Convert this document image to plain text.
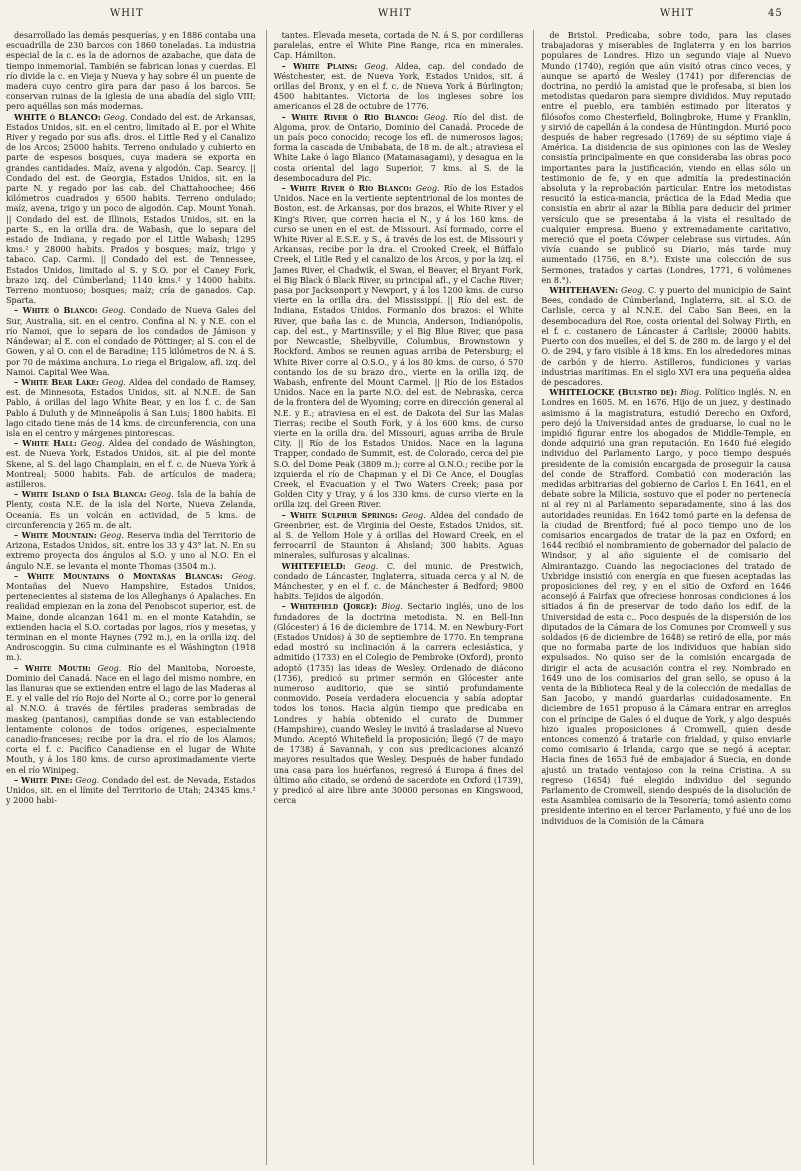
WHIT	WHIT	WHIT	45

desarrollado las demás pesquerías, y en 1886 contaba una escuadrilla de 230 barcos con 1860 toneladas. La industria especial de la c. es la de adornos de azabache, que data de tiempo inmemorial. También se fabrican lonas y cuerdas. El río divide la c. en Vieja y Nueva y hay sobre él un puente de madera cuyo centro gira para dar paso á los barcos. Se conservan ruinas de la iglesia de una abadía del siglo VIII; pero aquéllas son más modernas.

WHITE ó BLANCO: Geog. Condado del est. de Arkansas, Estados Unidos, sit. en el centro, limitado al E. por el White River y regado por sus afls. dros. el Little Red y el Canalizo de los Arcos; 25000 habits. Terreno ondulado y cubierto en parte de espesos bosques, cuya madera se exporta en grandes cantidades. Maíz, avena y algodón. Cap. Searcy. || Condado del est. de Georgia, Estados Unidos, sit. en la parte N. y regado por las cab. del Chattahoochee; 466 kilómetros cuadrados y 6500 habits. Terreno ondulado; maíz, avena, trigo y un poco de algodón. Cap. Mount Yonah. || Condado del est. de Illinois, Estados Unidos, sit. en la parte S., en la orilla dra. de Wabash, que lo separa del estado de Indiana, y regado por el Little Wabash; 1295 kms.² y 28000 habits. Prados y bosques; maíz, trigo y tabaco. Cap. Carmi. || Condado del est. de Tennessee, Estados Unidos, limitado al S. y S.O. por el Caney Fork, brazo izq. del Cúmberland; 1140 kms.² y 14000 habits. Terreno montuoso; bosques; maíz; cría de ganados. Cap. Sparta.

– White ó Blanco: Geog. Condado de Nueva Gales del Sur, Australia, sit. en el centro. Confina al N. y N.E. con el río Namoi, que lo separa de los condados de Jámison y Nándewar; al E. con el condado de Pöttinger; al S. con el de Gowen, y al O. con el de Baradine; 115 kilómetros de N. á S. por 70 de máxima anchura. Lo riega el Brigalow, afl. izq. del Namoi. Capital Wee Waa.

– White Bear Lake: Geog. Aldea del condado de Ramsey, est. de Minnesota, Estados Unidos, sit. al N.N.E. de San Pablo, á orillas del lago White Bear, y en los f. c. de San Pablo á Duluth y de Minneápolis á San Luis; 1800 habits. El lago citado tiene más de 14 kms. de circunferencia, con una isla en el centro y márgenes pintorescas.

– White Hall: Geog. Aldea del condado de Wáshington, est. de Nueva York, Estados Unidos, sit. al pie del monte Skene, al S. del lago Champlain, en el f. c. de Nueva York á Montreal; 5000 habits. Fab. de artículos de madera; astilleros.

– White Island ó Isla Blanca: Geog. Isla de la bahía de Plenty, costa N.E. de la isla del Norte, Nueva Zelanda, Oceanía. Es un volcán en actividad, de 5 kms. de circunferencia y 265 m. de alt.

– White Mountain: Geog. Reserva india del Territorio de Arizona, Estados Unidos, sit. entre los 33 y 43° lat. N. En su extremo proyecta dos ángulos al S.O. y uno al N.O. En el ángulo N.E. se levanta el monte Thomas (3504 m.).

– White Mountains ó Montañas Blancas: Geog. Montañas del Nuevo Hampshire, Estados Unidos, pertenecientes al sistema de los Alleghanys ó Apalaches. En realidad empiezan en la zona del Penobscot superior, est. de Maine, donde alcanzan 1641 m. en el monte Katahdin, se extienden hacia el S.O. cortadas por lagos, ríos y mesetas, y terminan en el monte Haynes (792 m.), en la orilla izq. del Androscoggin. Su cima culminante es el Wáshington (1918 m.).

– White Mouth: Geog. Río del Manitoba, Noroeste, Dominio del Canadá. Nace en el lago del mismo nombre, en las llanuras que se extienden entre el lago de las Maderas al E. y el valle del río Rojo del Norte al O.; corre por lo general al N.N.O. á través de fértiles praderas sembradas de maskeg (pantanos), campiñas donde se van estableciendo lentamente colonos de todos orígenes, especialmente canadio-franceses; recibe por la dra. el río de los Álamos; corta el f. c. Pacífico Canadiense en el lugar de White Mouth, y á los 180 kms. de curso aproximadamente vierte en el río Winipeg.

– White Pine: Geog. Condado del est. de Nevada, Estados Unidos, sit. en el límite del Territorio de Utah; 24345 kms.² y 2000 habi-

tantes. Elevada meseta, cortada de N. á S. por cordilleras paralelas, entre el White Pine Range, rica en minerales. Cap. Hámilton.

– White Plains: Geog. Aldea, cap. del condado de Wéstchester, est. de Nueva York, Estados Unidos, sit. á orillas del Bronx, y en el f. c. de Nueva York á Búrlington; 4500 habitantes. Victoria de los ingleses sobre los americanos el 28 de octubre de 1776.

– White River ó Río Blanco: Geog. Río del dist. de Algoma, prov. de Ontario, Dominio del Canadá. Procede de un país poco conocido; recoge los efl. de numerosos lagos; forma la cascada de Umbabata, de 18 m. de alt.; atraviesa el White Lake ó lago Blanco (Matamasagami), y desagua en la costa oriental del lago Superior, 7 kms. al S. de la desembocadura del Pic.

– White River ó Río Blanco: Geog. Río de los Estados Unidos. Nace en la vertiente septentrional de los montes de Boston, est. de Arkansas, por dos brazos, el White River y el King's River, que corren hacia el N., y á los 160 kms. de curso se unen en el est. de Missouri. Así formado, corre el White River al E.S.E. y S., á través de los est. de Missouri y Arkansas, recibe por la dra. el Crooked Creek, el Búffalo Creek, el Litle Red y el canalizo de los Arcos, y por la izq. el James River, el Chadwik, el Swan, el Beaver, el Bryant Fork, el Big Black ó Black River, su principal afl., y el Cache River; pasa por Jacksonport y Newport, y á los 1200 kms. de curso vierte en la orilla dra. del Mississippí. || Río del est. de Indiana, Estados Unidos. Formanlo dos brazos: el White River, que baña las c. de Muncia, Anderson, Indianópolis, cap. del est., y Martinsville; y el Big Blue River, que pasa por Newcastle, Shelbyville, Columbus, Brownstown y Rockford. Ambos se reunen aguas arriba de Petersburg; el White River corre al O.S.O., y á los 80 kms. de curso, ó 570 contando los de su brazo dro., vierte en la orilla izq. de Wabash, enfrente del Mount Carmel. || Río de los Estados Unidos. Nace en la parte N.O. del est. de Nebraska, cerca de la frontera del de Wyoming; corre en dirección general al N.E. y E.; atraviesa en el est. de Dakota del Sur las Malas Tierras; recibe el South Fork, y á los 600 kms. de curso vierte en la orilla dra. del Missouri, aguas arriba de Brule City. || Río de los Estados Unidos. Nace en la laguna Trapper, condado de Summit, est. de Colorado, cerca del pie S.O. del Dome Peak (3809 m.); corre al O.N.O.; recibe por la izquierda el río de Chapman y el Di Ce Ance, el Douglas Creek, el Evacuation y el Two Waters Creek; pasa por Golden City y Uray, y á los 330 kms. de curso vierte en la orilla izq. del Green River.

– White Sulphur Springs: Geog. Aldea del condado de Greenbrier, est. de Virginia del Oeste, Estados Unidos, sit. al S. de Yellom Hole y á orillas del Howard Creek, en el ferrocarril de Staunton á Ahsland; 300 habits. Aguas minerales, sulfurosas y alcalinas.

WHITEFIELD: Geog. C. del munic. de Prestwich, condado de Láncaster, Inglaterra, situada cerca y al N. de Mánchester, y en el f. c. de Mánchester á Bedford; 9800 habits. Tejidos de algodón.

– Whitefield (Jorge): Biog. Sectario inglés, uno de los fundadores de la doctrina metodista. N. en Bell-Inn (Glócester) á 16 de diciembre de 1714. M. en Newbury-Fort (Estados Unidos) á 30 de septiembre de 1770. En temprana edad mostró su inclinación á la carrera eclesiástica, y admitido (1733) en el Colegio de Pembroke (Oxford), pronto adoptó (1735) las ideas de Wesley. Ordenado de diácono (1736), predicó su primer sermón en Glócester ante numeroso auditorio, que se sintió profundamente conmovido. Poseía verdadera elocuencia y sabía adoptar todos los tonos. Hacia algún tiempo que predicaba en Londres y había obtenido el curato de Dummer (Hampshire), cuando Wesley le invitó á trasladarse al Nuevo Mundo. Aceptó Whitefield la proposición; llegó (7 de mayo de 1738) á Savannah, y con sus predicaciones alcanzó mayores resultados que Wesley. Después de haber fundado una casa para los huérfanos, regresó á Europa á fines del último año citado, se ordenó de sacerdote en Oxford (1739), y predicó al aire libre ante 30000 personas en Kingswood, cerca

de Bristol. Predicaba, sobre todo, para las clases trabajadoras y miserables de Inglaterra y en los barrios populares de Londres. Hizo un segundo viaje al Nuevo Mundo (1740), región que aún visitó otras cinco veces, y aunque se apartó de Wesley (1741) por diferencias de doctrina, no perdió la amistad que le profesaba, si bien los metodistas quedaron para siempre divididos. Muy reputado entre el pueblo, era también estimado por literatos y filósofos como Chesterfield, Bolingbroke, Hume y Franklin, y sirvió de capellán á la condesa de Húntingdon. Murió poco después de haber regresado (1769) de su séptimo viaje á América. La disidencia de sus opiniones con las de Wesley consistía principalmente en que consideraba las obras poco importantes para la justificación, viendo en ellas sólo un testimonio de fe, y en que admitía la predestinación absoluta y la reprobación particular. Entre los metodistas resucitó la estica-mancia, práctica de la Edad Media que consistía en abrir al azar la Biblia para deducir del primer versículo que se presentaba á la vista el resultado de cualquier empresa. Bueno y extremadamente caritativo, mereció que el poeta Cówper celebrase sus virtudes. Aún vivía cuando se publicó su Diario, más tarde muy aumentado (1756, en 8.°). Existe una colección de sus Sermones, tratados y cartas (Londres, 1771, 6 volúmenes en 8.°).

WHITEHAVEN: Geog. C. y puerto del municipio de Saint Bees, condado de Cúmberland, Inglaterra, sit. al S.O. de Carlisle, cerca y al N.N.E. del Cabo San Bees, en la desembocadura del Roe, costa oriental del Solway Firth, en el f. c. costanero de Láncaster á Carlisle; 20000 habits. Puerto con dos muelles, el del S. de 280 m. de largo y el del O. de 294, y faro visible á 18 kms. En los alrededores minas de carbón y de hierro. Astilleros, fundiciones y varias industrias marítimas. En el siglo XVI era una pequeña aldea de pescadores.

WHITELOCKE (Bulstro de): Biog. Político inglés. N. en Londres en 1605. M. en 1676. Hijo de un juez, y destinado asimismo á la magistratura, estudió Derecho en Oxford, pero dejó la Universidad antes de graduarse, lo cual no le impidió figurar entre los abogados de Middle-Temple, en donde adquirió una gran reputación. En 1640 fué elegido individuo del Parlamento Largo, y poco tiempo después presidente de la comisión encargada de proseguir la causa del conde de Strafford. Combatió con moderación las medidas arbitrarias del gobierno de Carlos I. En 1641, en el debate sobre la Milicia, sostuvo que el poder no pertenecía ni al rey ni al Parlamento separadamente, sino á las dos autoridades reunidas. En 1642 tomó parte en la defensa de la ciudad de Brentford; fué al poco tiempo uno de los comisarios encargados de tratar de la paz en Oxford; en 1644 recibió el nombramiento de gobernador del palacio de Windsor, y al año siguiente el de comisario del Almirantazgo. Cuando las negociaciones del tratado de Uxbridge insistió con energía en que fuesen aceptadas las proposiciones del rey, y en el sitio de Oxford en 1646 aconsejó á Fairfax que ofreciese honrosas condiciones á los sitiados á fin de preservar de todo daño los edif. de la Universidad de esta c.. Poco después de la dispersión de los diputados de la Cámara de los Comunes por Cromwell y sus soldados (6 de diciembre de 1648) se retiró de ella, por más que no formaba parte de los individuos que habían sido expulsados. No quiso ser de la comisión encargada de dirigir el acta de acusación contra el rey. Nombrado en 1649 uno de los comisarios del gran sello, se opuso á la venta de la Biblioteca Real y de la colección de medallas de San Jacobo, y mandó guardarlas cuidadosamente. En diciembre de 1651 propuso á la Cámara entrar en arreglos con el príncipe de Gales ó el duque de York, y algo después hizo iguales proposiciones á Cromwell, quien desde entonces comenzó á tratarle con frialdad, y quiso enviarle como comisario á Irlanda, cargo que se negó á aceptar. Hacia fines de 1653 fué de embajador á Suecia, en donde ajustó un tratado ventajoso con la reina Cristina. A su regreso (1654) fué elegido individuo del segundo Parlamento de Cromwell, siendo después de la disolución de esta Asamblea comisario de la Tesorería; tomó asiento como presidente interino en el tercer Parlamento, y fué uno de los individuos de la Comisión de la Cámara
